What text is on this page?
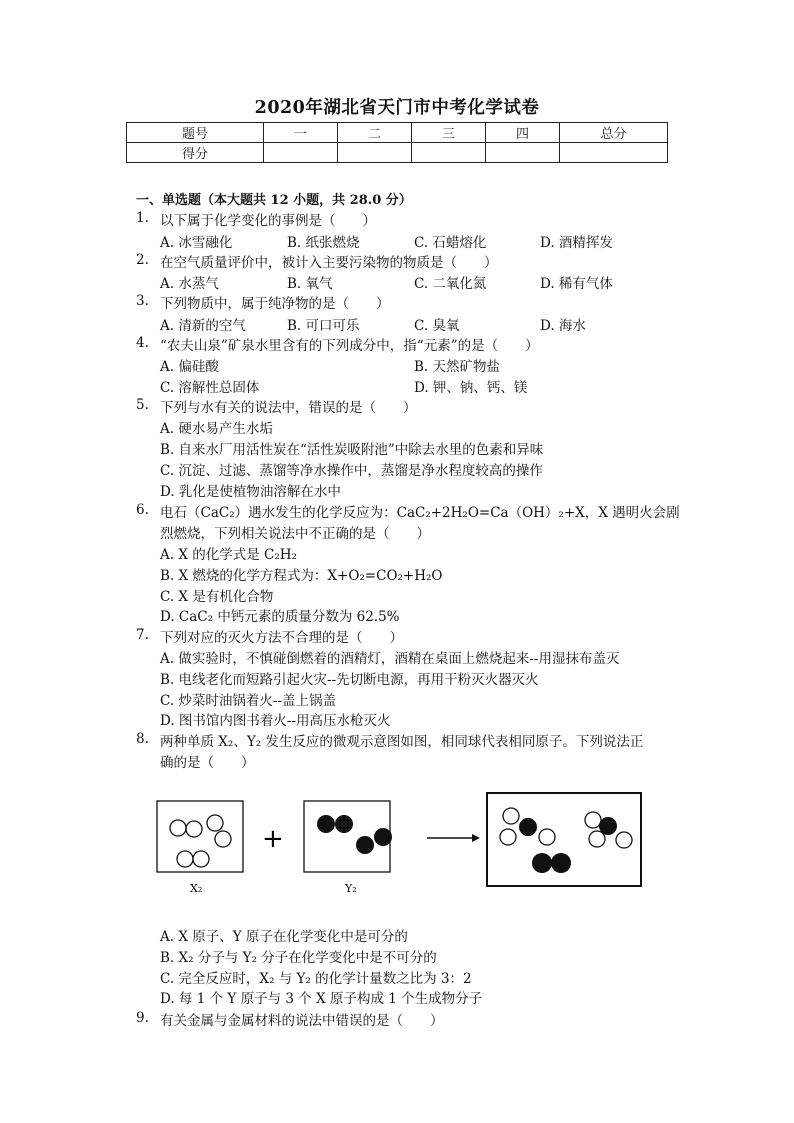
2020年湖北省天门市中考化学试卷
题号	一	二	三	四	总分
得分					
一、单选题（本大题共 12 小题，共 28.0 分）
1. 以下属于化学变化的事例是（　　）
A. 冰雪融化	B. 纸张燃烧	C. 石蜡熔化	D. 酒精挥发
2. 在空气质量评价中，被计入主要污染物的物质是（　　）
A. 水蒸气	B. 氧气	C. 二氧化氮	D. 稀有气体
3. 下列物质中，属于纯净物的是（　　）
A. 清新的空气	B. 可口可乐	C. 臭氧	D. 海水
4. “农夫山泉”矿泉水里含有的下列成分中，指“元素”的是（　　）
A. 偏硅酸	B. 天然矿物盐
C. 溶解性总固体	D. 钾、钠、钙、镁
5. 下列与水有关的说法中，错误的是（　　）
A. 硬水易产生水垢
B. 自来水厂用活性炭在“活性炭吸附池”中除去水里的色素和异味
C. 沉淀、过滤、蒸馏等净水操作中，蒸馏是净水程度较高的操作
D. 乳化是使植物油溶解在水中
6. 电石（CaC₂）遇水发生的化学反应为：CaC₂+2H₂O=Ca（OH）₂+X，X 遇明火会剧
烈燃烧，下列相关说法中不正确的是（　　）
A. X 的化学式是 C₂H₂
B. X 燃烧的化学方程式为：X+O₂=CO₂+H₂O
C. X 是有机化合物
D. CaC₂ 中钙元素的质量分数为 62.5%
7. 下列对应的灭火方法不合理的是（　　）
A. 做实验时，不慎碰倒燃着的酒精灯，酒精在桌面上燃烧起来--用湿抹布盖灭
B. 电线老化而短路引起火灾--先切断电源，再用干粉灭火器灭火
C. 炒菜时油锅着火--盖上锅盖
D. 图书馆内图书着火--用高压水枪灭火
8. 两种单质 X₂、Y₂ 发生反应的微观示意图如图，相同球代表相同原子。下列说法正
确的是（　　）
+
X₂	Y₂
A. X 原子、Y 原子在化学变化中是可分的
B. X₂ 分子与 Y₂ 分子在化学变化中是不可分的
C. 完全反应时，X₂ 与 Y₂ 的化学计量数之比为 3：2
D. 每 1 个 Y 原子与 3 个 X 原子构成 1 个生成物分子
9. 有关金属与金属材料的说法中错误的是（　　）
